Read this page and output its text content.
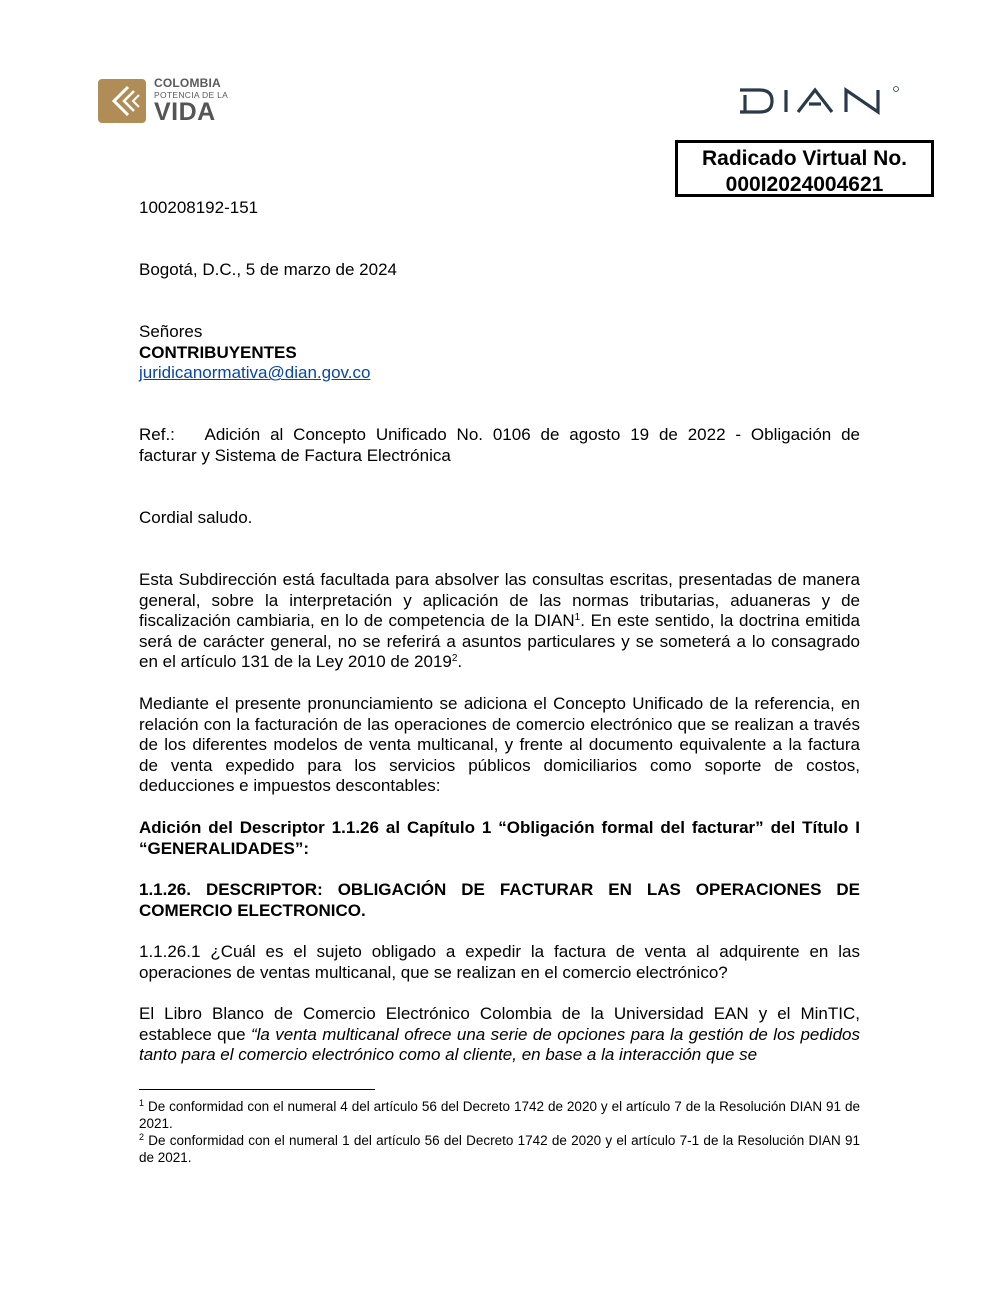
COLOMBIA
POTENCIA DE LA
VIDA
Radicado Virtual No.
000I2024004621
100208192-151
Bogotá, D.C., 5 de marzo de 2024
Señores
CONTRIBUYENTES
juridicanormativa@dian.gov.co
Ref.: Adición al Concepto Unificado No. 0106 de agosto 19 de 2022 - Obligación de
facturar y Sistema de Factura Electrónica
Cordial saludo.
Esta Subdirección está facultada para absolver las consultas escritas, presentadas de manera general, sobre la interpretación y aplicación de las normas tributarias, aduaneras y de fiscalización cambiaria, en lo de competencia de la DIAN$^1$. En este sentido, la doctrina emitida será de carácter general, no se referirá a asuntos particulares y se someterá a lo consagrado en el artículo 131 de la Ley 2010 de 2019$^2$.
Mediante el presente pronunciamiento se adiciona el Concepto Unificado de la referencia, en relación con la facturación de las operaciones de comercio electrónico que se realizan a través de los diferentes modelos de venta multicanal, y frente al documento equivalente a la factura de venta expedido para los servicios públicos domiciliarios como soporte de costos, deducciones e impuestos descontables:
Adición del Descriptor 1.1.26 al Capítulo 1 “Obligación formal del facturar” del Título I “GENERALIDADES”:
1.1.26. DESCRIPTOR: OBLIGACIÓN DE FACTURAR EN LAS OPERACIONES DE COMERCIO ELECTRONICO.
1.1.26.1 ¿Cuál es el sujeto obligado a expedir la factura de venta al adquirente en las operaciones de ventas multicanal, que se realizan en el comercio electrónico?
El Libro Blanco de Comercio Electrónico Colombia de la Universidad EAN y el MinTIC, establece que “la venta multicanal ofrece una serie de opciones para la gestión de los pedidos tanto para el comercio electrónico como al cliente, en base a la interacción que se
$^1$ De conformidad con el numeral 4 del artículo 56 del Decreto 1742 de 2020 y el artículo 7 de la Resolución DIAN 91 de 2021.
$^2$ De conformidad con el numeral 1 del artículo 56 del Decreto 1742 de 2020 y el artículo 7-1 de la Resolución DIAN 91 de 2021.
